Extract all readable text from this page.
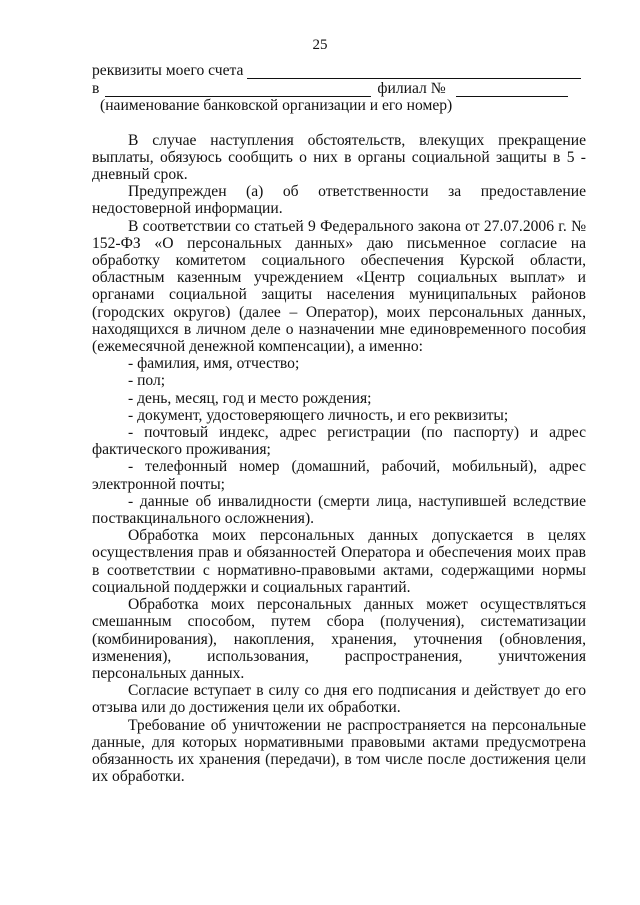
25
реквизиты моего счета
в	филиал №
(наименование банковской организации и его номер)

В случае наступления обстоятельств, влекущих прекращение выплаты, обязуюсь сообщить о них в органы социальной защиты в 5 - дневный срок.

Предупрежден (а) об ответственности за предоставление недостоверной информации.

В соответствии со статьей 9 Федерального закона от 27.07.2006 г. № 152-ФЗ «О персональных данных» даю письменное согласие на обработку комитетом социального обеспечения Курской области, областным казенным учреждением «Центр социальных выплат» и органами социальной защиты населения муниципальных районов (городских округов) (далее – Оператор), моих персональных данных, находящихся в личном деле о назначении мне единовременного пособия (ежемесячной денежной компенсации), а именно:

- фамилия, имя, отчество;

- пол;

- день, месяц, год и место рождения;

- документ, удостоверяющего личность, и его реквизиты;

- почтовый индекс, адрес регистрации (по паспорту) и адрес фактического проживания;

- телефонный номер (домашний, рабочий, мобильный), адрес электронной почты;

- данные об инвалидности (смерти лица, наступившей вследствие поствакцинального осложнения).

Обработка моих персональных данных допускается в целях осуществления прав и обязанностей Оператора и обеспечения моих прав в соответствии с нормативно-правовыми актами, содержащими нормы социальной поддержки и социальных гарантий.

Обработка моих персональных данных может осуществляться смешанным способом, путем сбора (получения), систематизации (комбинирования), накопления, хранения, уточнения (обновления, изменения), использования, распространения, уничтожения персональных данных.

Согласие вступает в силу со дня его подписания и действует до его отзыва или до достижения цели их обработки.

Требование об уничтожении не распространяется на персональные данные, для которых нормативными правовыми актами предусмотрена обязанность их хранения (передачи), в том числе после достижения цели их обработки.
